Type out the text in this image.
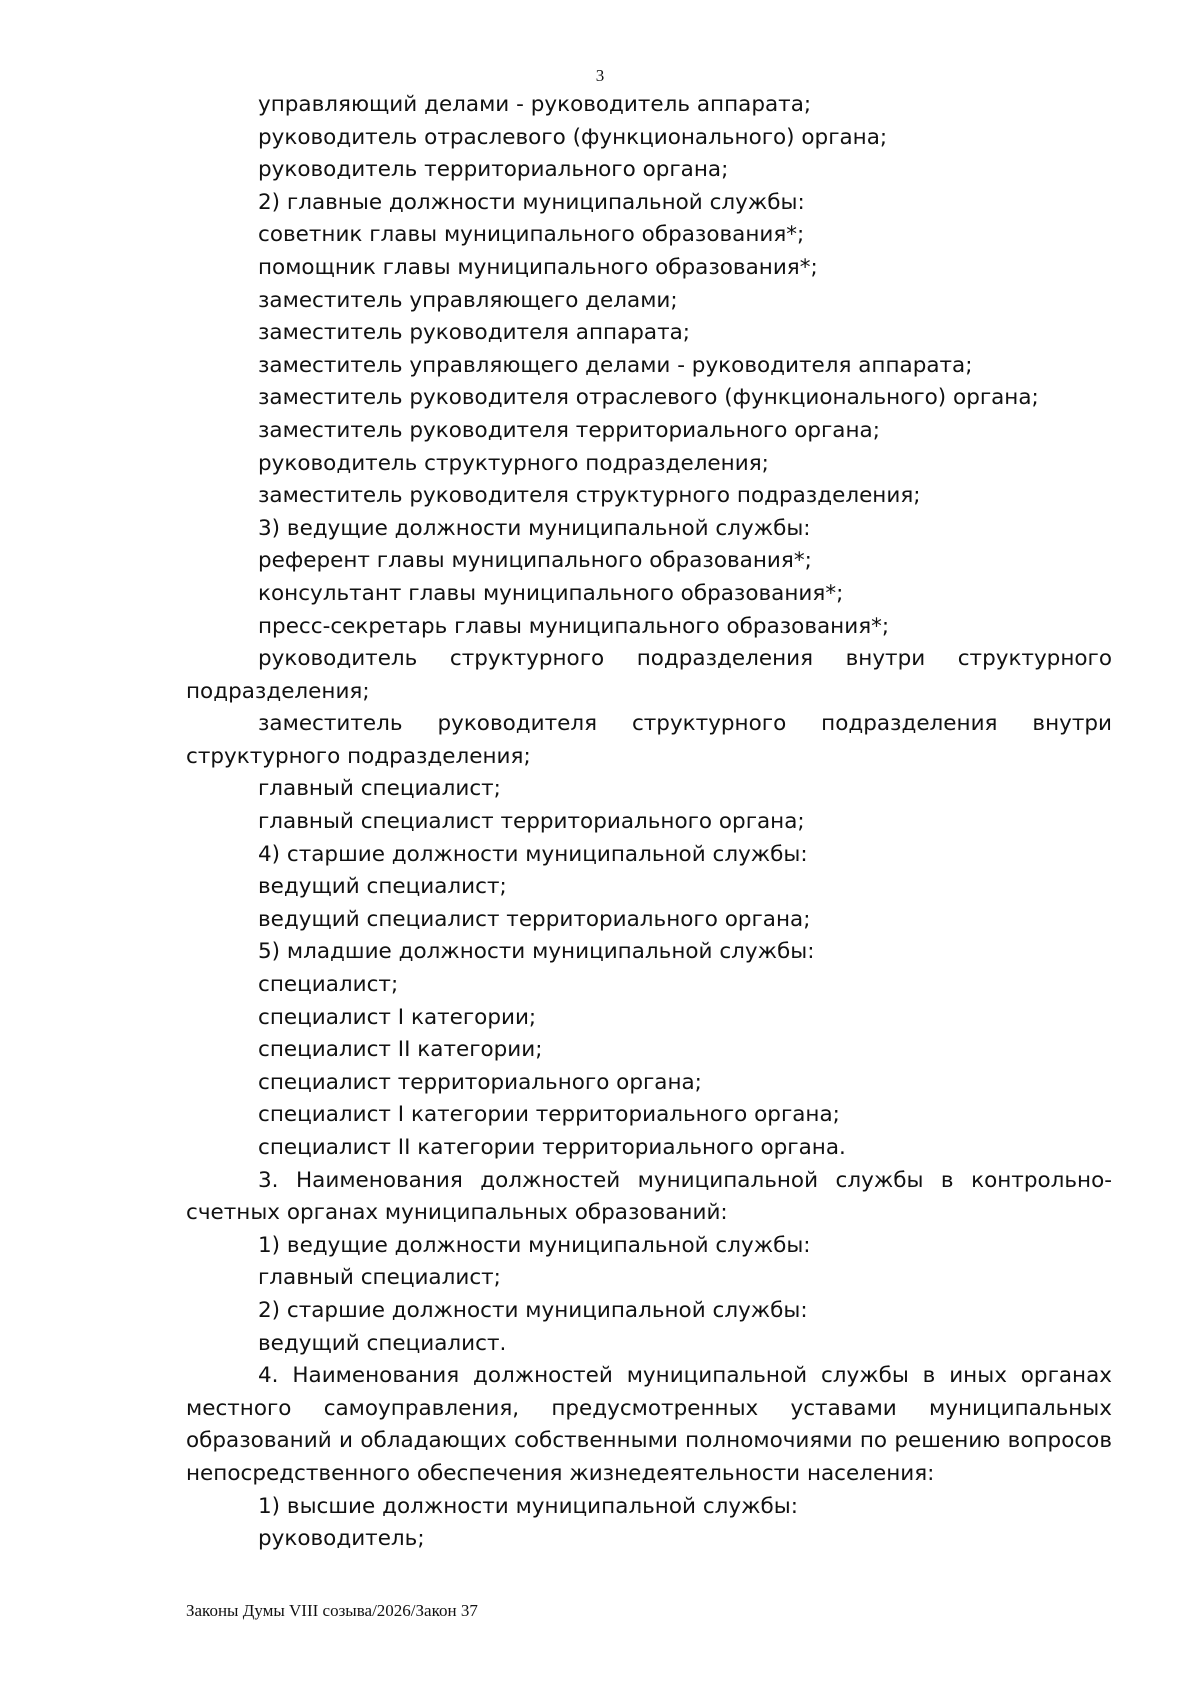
3

управляющий делами - руководитель аппарата;

руководитель отраслевого (функционального) органа;

руководитель территориального органа;

2) главные должности муниципальной службы:

советник главы муниципального образования*;

помощник главы муниципального образования*;

заместитель управляющего делами;

заместитель руководителя аппарата;

заместитель управляющего делами - руководителя аппарата;

заместитель руководителя отраслевого (функционального) органа;

заместитель руководителя территориального органа;

руководитель структурного подразделения;

заместитель руководителя структурного подразделения;

3) ведущие должности муниципальной службы:

референт главы муниципального образования*;

консультант главы муниципального образования*;

пресс-секретарь главы муниципального образования*;

руководитель структурного подразделения внутри структурного подразделения;

заместитель руководителя структурного подразделения внутри структурного подразделения;

главный специалист;

главный специалист территориального органа;

4) старшие должности муниципальной службы:

ведущий специалист;

ведущий специалист территориального органа;

5) младшие должности муниципальной службы:

специалист;

специалист I категории;

специалист II категории;

специалист территориального органа;

специалист I категории территориального органа;

специалист II категории территориального органа.

3. Наименования должностей муниципальной службы в контрольно-счетных органах муниципальных образований:

1) ведущие должности муниципальной службы:

главный специалист;

2) старшие должности муниципальной службы:

ведущий специалист.

4. Наименования должностей муниципальной службы в иных органах местного самоуправления, предусмотренных уставами муниципальных образований и обладающих собственными полномочиями по решению вопросов непосредственного обеспечения жизнедеятельности населения:

1) высшие должности муниципальной службы:

руководитель;

Законы Думы VIII созыва/2026/Закон 37
